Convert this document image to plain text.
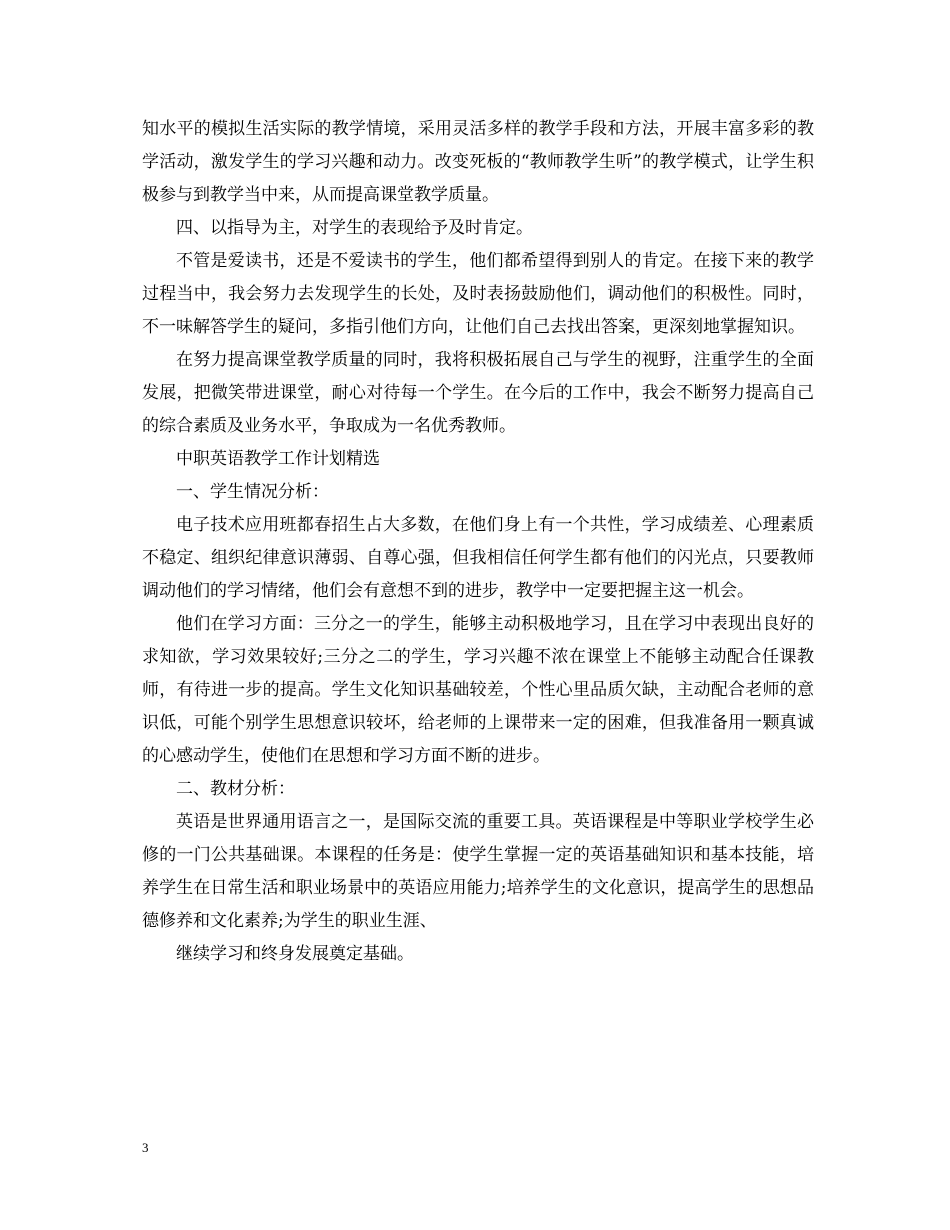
知水平的模拟生活实际的教学情境，采用灵活多样的教学手段和方法，开展丰富多彩的教学活动，激发学生的学习兴趣和动力。改变死板的“教师教学生听”的教学模式，让学生积极参与到教学当中来，从而提高课堂教学质量。

四、以指导为主，对学生的表现给予及时肯定。

不管是爱读书，还是不爱读书的学生，他们都希望得到别人的肯定。在接下来的教学过程当中，我会努力去发现学生的长处，及时表扬鼓励他们，调动他们的积极性。同时，不一味解答学生的疑问，多指引他们方向，让他们自己去找出答案，更深刻地掌握知识。

在努力提高课堂教学质量的同时，我将积极拓展自己与学生的视野，注重学生的全面发展，把微笑带进课堂，耐心对待每一个学生。在今后的工作中，我会不断努力提高自己的综合素质及业务水平，争取成为一名优秀教师。

中职英语教学工作计划精选

一、学生情况分析：

电子技术应用班都春招生占大多数，在他们身上有一个共性，学习成绩差、心理素质不稳定、组织纪律意识薄弱、自尊心强，但我相信任何学生都有他们的闪光点，只要教师调动他们的学习情绪，他们会有意想不到的进步，教学中一定要把握主这一机会。

他们在学习方面：三分之一的学生，能够主动积极地学习，且在学习中表现出良好的求知欲，学习效果较好;三分之二的学生，学习兴趣不浓在课堂上不能够主动配合任课教师，有待进一步的提高。学生文化知识基础较差，个性心里品质欠缺，主动配合老师的意识低，可能个别学生思想意识较坏，给老师的上课带来一定的困难，但我准备用一颗真诚的心感动学生，使他们在思想和学习方面不断的进步。

二、教材分析：

英语是世界通用语言之一，是国际交流的重要工具。英语课程是中等职业学校学生必修的一门公共基础课。本课程的任务是：使学生掌握一定的英语基础知识和基本技能，培养学生在日常生活和职业场景中的英语应用能力;培养学生的文化意识，提高学生的思想品德修养和文化素养;为学生的职业生涯、

继续学习和终身发展奠定基础。

3
